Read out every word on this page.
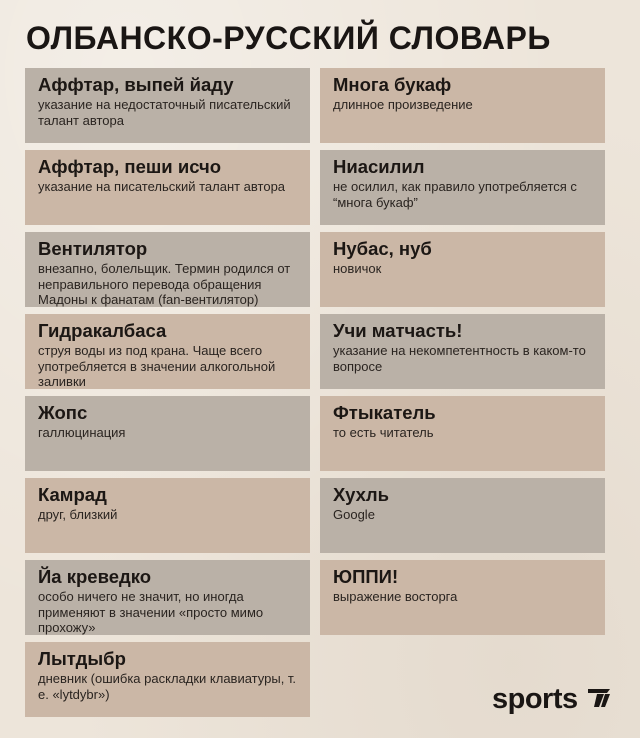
ОЛБАНСКО-РУССКИЙ СЛОВАРЬ
Аффтар, выпей йаду
указание на недостаточный писательский талант автора
Многа букаф
длинное произведение
Аффтар, пеши исчо
указание на писательский талант автора
Ниасилил
не осилил, как правило употребляется с “многа букаф”
Вентилятор
внезапно, болельщик. Термин родился от неправильного перевода обращения Мадоны к фанатам (fan-вентилятор)
Нубас, нуб
новичок
Гидракалбаса
струя воды из под крана. Чаще всего употребляется в значении алкогольной заливки
Учи матчасть!
указание на некомпетентность в каком-то вопросе
Жопс
галлюцинация
Фтыкатель
то есть читатель
Камрад
друг, близкий
Хухль
Google
Йа креведко
особо ничего не значит, но иногда применяют в значении «просто мимо прохожу»
ЮППИ!
выражение восторга
Лытдыбр
дневник (ошибка раскладки клавиатуры, т. е. «lytdybr»)	sports
